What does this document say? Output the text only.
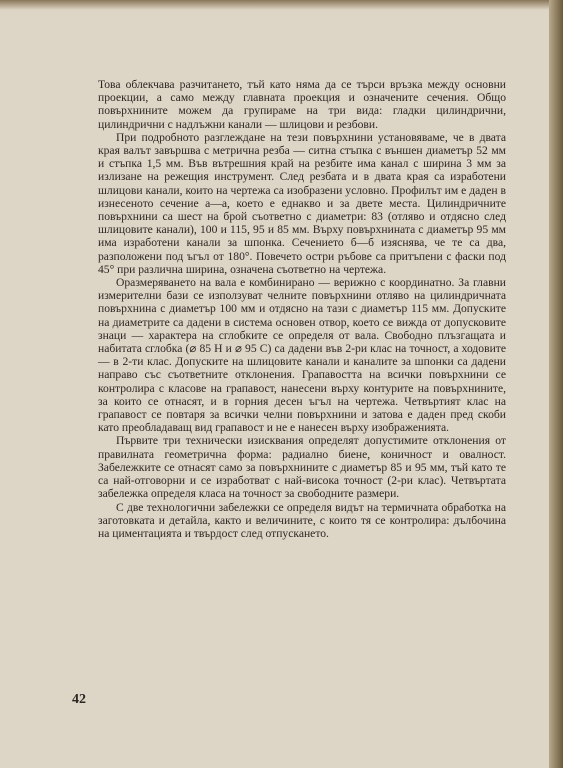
Това облекчава разчитането, тъй като няма да се търси връзка между основни проекции, а само между главната проекция и означените сечения. Общо повърхнините можем да групираме на три вида: гладки цилиндрични, цилиндрични с надлъжни канали — шлицови и резбови.

При подробното разглеждане на тези повърхнини установяваме, че в двата края валът завършва с метрична резба — ситна стъпка с външен диаметър 52 мм и стъпка 1,5 мм. Във вътрешния край на резбите има канал с ширина 3 мм за излизане на режещия инструмент. След резбата и в двата края са изработени шлицови канали, които на чертежа са изобразени условно. Профилът им е даден в изнесеното сечение а—а, което е еднакво и за двете места. Цилиндричните повърхнини са шест на брой съответно с диаметри: 83 (отляво и отдясно след шлицовите канали), 100 и 115, 95 и 85 мм. Върху повърхнината с диаметър 95 мм има изработени канали за шпонка. Сечението б—б изяснява, че те са два, разположени под ъгъл от 180°. Повечето остри ръбове са притъпени с фаски под 45° при различна ширина, означена съответно на чертежа.

Оразмеряването на вала е комбинирано — верижно с координатно. За главни измерителни бази се използуват челните повърхнини отляво на цилиндричната повърхнина с диаметър 100 мм и отдясно на тази с диаметър 115 мм. Допуските на диаметрите са дадени в система основен отвор, което се вижда от допусковите знаци — характера на сглобките се определя от вала. Свободно плъзгащата и набитата сглобка (⌀ 85 H и ⌀ 95 C) са дадени във 2-ри клас на точност, а ходовите — в 2-ти клас. Допуските на шлицовите канали и каналите за шпонки са дадени направо със съответните отклонения. Грапавостта на всички повърхнини се контролира с класове на грапавост, нанесени върху контурите на повърхнините, за които се отнасят, и в горния десен ъгъл на чертежа. Четвъртият клас на грапавост се повтаря за всички челни повърхнини и затова е даден пред скоби като преобладаващ вид грапавост и не е нанесен върху изображенията.

Първите три технически изисквания определят допустимите отклонения от правилната геометрична форма: радиално биене, коничност и овалност. Забележките се отнасят само за повърхнините с диаметър 85 и 95 мм, тъй като те са най-отговорни и се изработват с най-висока точност (2-ри клас). Четвъртата забележка определя класа на точност за свободните размери.

С две технологични забележки се определя видът на термичната обработка на заготовката и детайла, както и величините, с които тя се контролира: дълбочина на циментацията и твърдост след отпускането.

42
